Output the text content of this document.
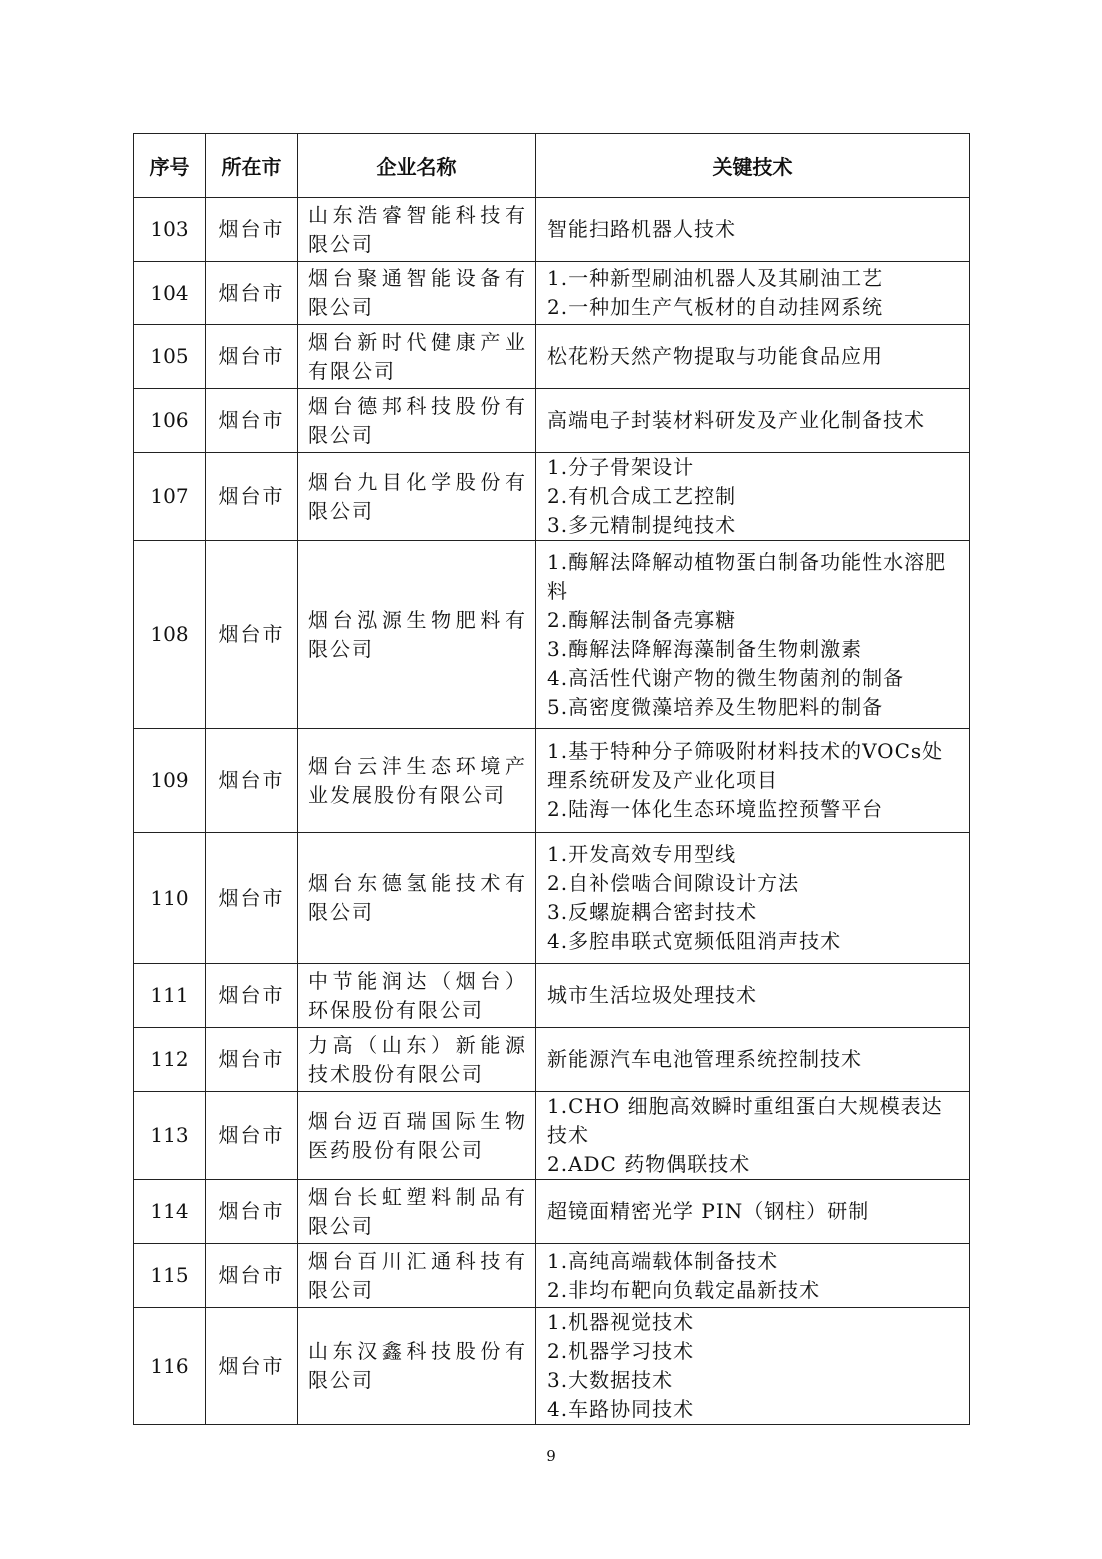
序号	所在市	企业名称	关键技术
103	烟台市	山东浩睿智能科技有限公司	智能扫路机器人技术

104	烟台市	烟台聚通智能设备有限公司	1.一种新型刷油机器人及其刷油工艺
2.一种加生产气板材的自动挂网系统

105	烟台市	烟台新时代健康产业有限公司	松花粉天然产物提取与功能食品应用

106	烟台市	烟台德邦科技股份有限公司	高端电子封装材料研发及产业化制备技术

107	烟台市	烟台九目化学股份有限公司	1.分子骨架设计
2.有机合成工艺控制
3.多元精制提纯技术

108	烟台市	烟台泓源生物肥料有限公司	1.酶解法降解动植物蛋白制备功能性水溶肥料
2.酶解法制备壳寡糖
3.酶解法降解海藻制备生物刺激素
4.高活性代谢产物的微生物菌剂的制备
5.高密度微藻培养及生物肥料的制备

109	烟台市	烟台云沣生态环境产业发展股份有限公司	1.基于特种分子筛吸附材料技术的VOCs处理系统研发及产业化项目
2.陆海一体化生态环境监控预警平台

110	烟台市	烟台东德氢能技术有限公司	1.开发高效专用型线
2.自补偿啮合间隙设计方法
3.反螺旋耦合密封技术
4.多腔串联式宽频低阻消声技术

111	烟台市	中节能润达（烟台）环保股份有限公司	城市生活垃圾处理技术

112	烟台市	力高（山东）新能源技术股份有限公司	新能源汽车电池管理系统控制技术

113	烟台市	烟台迈百瑞国际生物医药股份有限公司	1.CHO 细胞高效瞬时重组蛋白大规模表达技术
2.ADC 药物偶联技术

114	烟台市	烟台长虹塑料制品有限公司	超镜面精密光学 PIN（钢柱）研制

115	烟台市	烟台百川汇通科技有限公司	1.高纯高端载体制备技术
2.非均布靶向负载定晶新技术

116	烟台市	山东汉鑫科技股份有限公司	1.机器视觉技术
2.机器学习技术
3.大数据技术
4.车路协同技术
9
